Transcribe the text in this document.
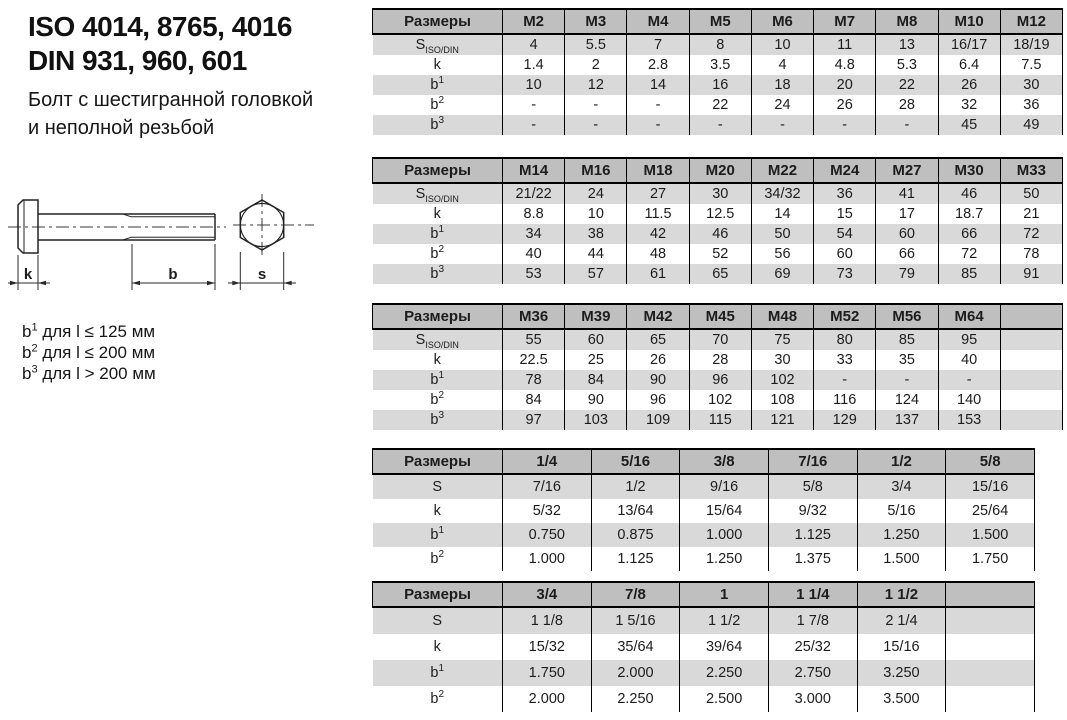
ISO 4014, 8765, 4016
DIN 931, 960, 601
Болт с шестигранной головкой
и неполной резьбой
k	b	s
$b^1$ для l ≤ 125 мм
$b^2$ для l ≤ 200 мм
$b^3$ для l > 200 мм
Размеры	M2	M3	M4	M5	M6	M7	M8	M10	M12
$S_{ISO/DIN}$	4	5.5	7	8	10	11	13	16/17	18/19
k	1.4	2	2.8	3.5	4	4.8	5.3	6.4	7.5
$b^1$	10	12	14	16	18	20	22	26	30
$b^2$	-	-	-	22	24	26	28	32	36
$b^3$	-	-	-	-	-	-	-	45	49
Размеры	M14	M16	M18	M20	M22	M24	M27	M30	M33
$S_{ISO/DIN}$	21/22	24	27	30	34/32	36	41	46	50
k	8.8	10	11.5	12.5	14	15	17	18.7	21
$b^1$	34	38	42	46	50	54	60	66	72
$b^2$	40	44	48	52	56	60	66	72	78
$b^3$	53	57	61	65	69	73	79	85	91
Размеры	M36	M39	M42	M45	M48	M52	M56	M64	
$S_{ISO/DIN}$	55	60	65	70	75	80	85	95	
k	22.5	25	26	28	30	33	35	40	
$b^1$	78	84	90	96	102	-	-	-	
$b^2$	84	90	96	102	108	116	124	140	
$b^3$	97	103	109	115	121	129	137	153	
Размеры	1/4	5/16	3/8	7/16	1/2	5/8
S	7/16	1/2	9/16	5/8	3/4	15/16
k	5/32	13/64	15/64	9/32	5/16	25/64
$b^1$	0.750	0.875	1.000	1.125	1.250	1.500
$b^2$	1.000	1.125	1.250	1.375	1.500	1.750
Размеры	3/4	7/8	1	1 1/4	1 1/2	
S	1 1/8	1 5/16	1 1/2	1 7/8	2 1/4	
k	15/32	35/64	39/64	25/32	15/16	
$b^1$	1.750	2.000	2.250	2.750	3.250	
$b^2$	2.000	2.250	2.500	3.000	3.500	
